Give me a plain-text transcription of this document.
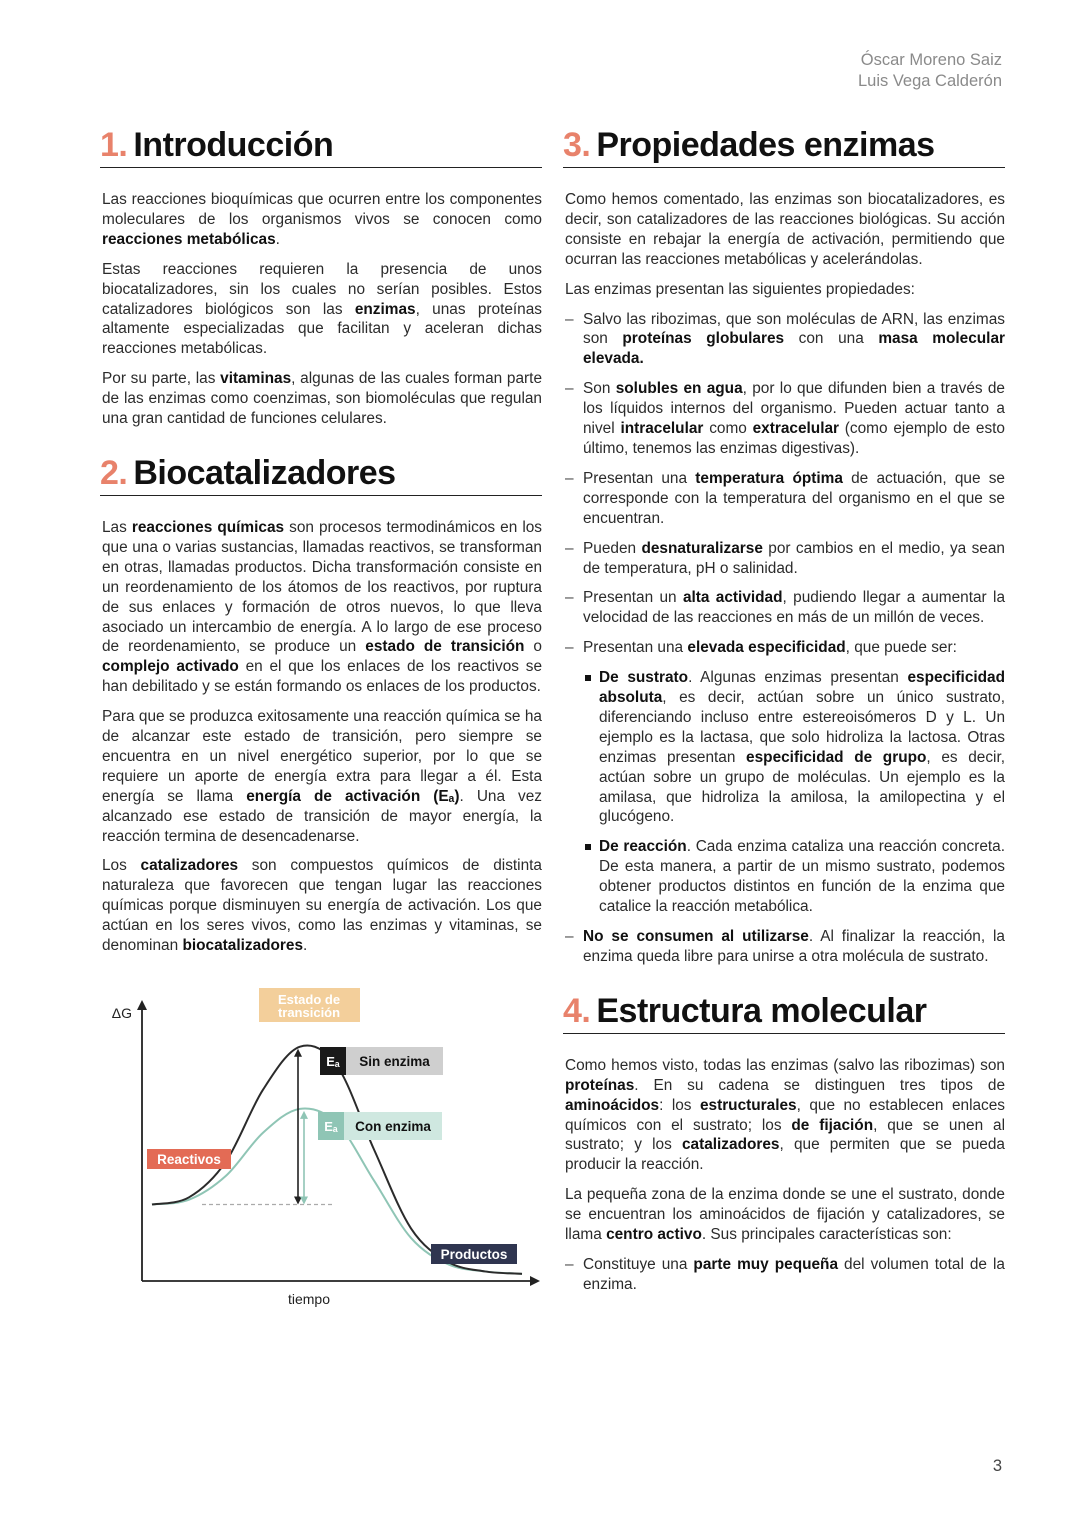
Óscar Moreno Saiz
Luis Vega Calderón
1. Introducción

Las reacciones bioquímicas que ocurren entre los componentes moleculares de los organismos vivos se conocen como reacciones metabólicas.

Estas reacciones requieren la presencia de unos biocatalizadores, sin los cuales no serían posibles. Estos catalizadores biológicos son las enzimas, unas proteínas altamente especializadas que facilitan y aceleran dichas reacciones metabólicas.

Por su parte, las vitaminas, algunas de las cuales forman parte de las enzimas como coenzimas, son biomoléculas que regulan una gran cantidad de funciones celulares.

2. Biocatalizadores

Las reacciones químicas son procesos termodinámicos en los que una o varias sustancias, llamadas reactivos, se transforman en otras, llamadas productos. Dicha transformación consiste en un reordenamiento de los átomos de los reactivos, por ruptura de sus enlaces y formación de otros nuevos, lo que lleva asociado un intercambio de energía. A lo largo de ese proceso de reordenamiento, se produce un estado de transición o complejo activado en el que los enlaces de los reactivos se han debilitado y se están formando os enlaces de los productos.

Para que se produzca exitosamente una reacción química se ha de alcanzar este estado de transición, pero siempre se encuentra en un nivel energético superior, por lo que se requiere un aporte de energía extra para llegar a él. Esta energía se llama energía de activación (Eₐ). Una vez alcanzado ese estado de transición de mayor energía, la reacción termina de desencadenarse.

Los catalizadores son compuestos químicos de distinta naturaleza que favorecen que tengan lugar las reacciones químicas porque disminuyen su energía de activación. Los que actúan en los seres vivos, como las enzimas y vitaminas, se denominan biocatalizadores.

ΔG
tiempo
Estado de transición
Eₐ Sin enzima
Eₐ Con enzima
Reactivos
Productos
3. Propiedades enzimas

Como hemos comentado, las enzimas son biocatalizadores, es decir, son catalizadores de las reacciones biológicas. Su acción consiste en rebajar la energía de activación, permitiendo que ocurran las reacciones metabólicas y acelerándolas.

Las enzimas presentan las siguientes propiedades:

– Salvo las ribozimas, que son moléculas de ARN, las enzimas son proteínas globulares con una masa molecular elevada.
– Son solubles en agua, por lo que difunden bien a través de los líquidos internos del organismo. Pueden actuar tanto a nivel intracelular como extracelular (como ejemplo de esto último, tenemos las enzimas digestivas).
– Presentan una temperatura óptima de actuación, que se corresponde con la temperatura del organismo en el que se encuentran.
– Pueden desnaturalizarse por cambios en el medio, ya sean de temperatura, pH o salinidad.
– Presentan un alta actividad, pudiendo llegar a aumentar la velocidad de las reacciones en más de un millón de veces.
– Presentan una elevada especificidad, que puede ser:
De sustrato. Algunas enzimas presentan especificidad absoluta, es decir, actúan sobre un único sustrato, diferenciando incluso entre estereoisómeros D y L. Un ejemplo es la lactasa, que solo hidroliza la lactosa. Otras enzimas presentan especificidad de grupo, es decir, actúan sobre un grupo de moléculas. Un ejemplo es la amilasa, que hidroliza la amilosa, la amilopectina y el glucógeno.
De reacción. Cada enzima cataliza una reacción concreta. De esta manera, a partir de un mismo sustrato, podemos obtener productos distintos en función de la enzima que catalice la reacción metabólica.
– No se consumen al utilizarse. Al finalizar la reacción, la enzima queda libre para unirse a otra molécula de sustrato.
4. Estructura molecular

Como hemos visto, todas las enzimas (salvo las ribozimas) son proteínas. En su cadena se distinguen tres tipos de aminoácidos: los estructurales, que no establecen enlaces químicos con el sustrato; los de fijación, que se unen al sustrato; y los catalizadores, que permiten que se pueda producir la reacción.

La pequeña zona de la enzima donde se une el sustrato, donde se encuentran los aminoácidos de fijación y catalizadores, se llama centro activo. Sus principales características son:

– Constituye una parte muy pequeña del volumen total de la enzima.
3
